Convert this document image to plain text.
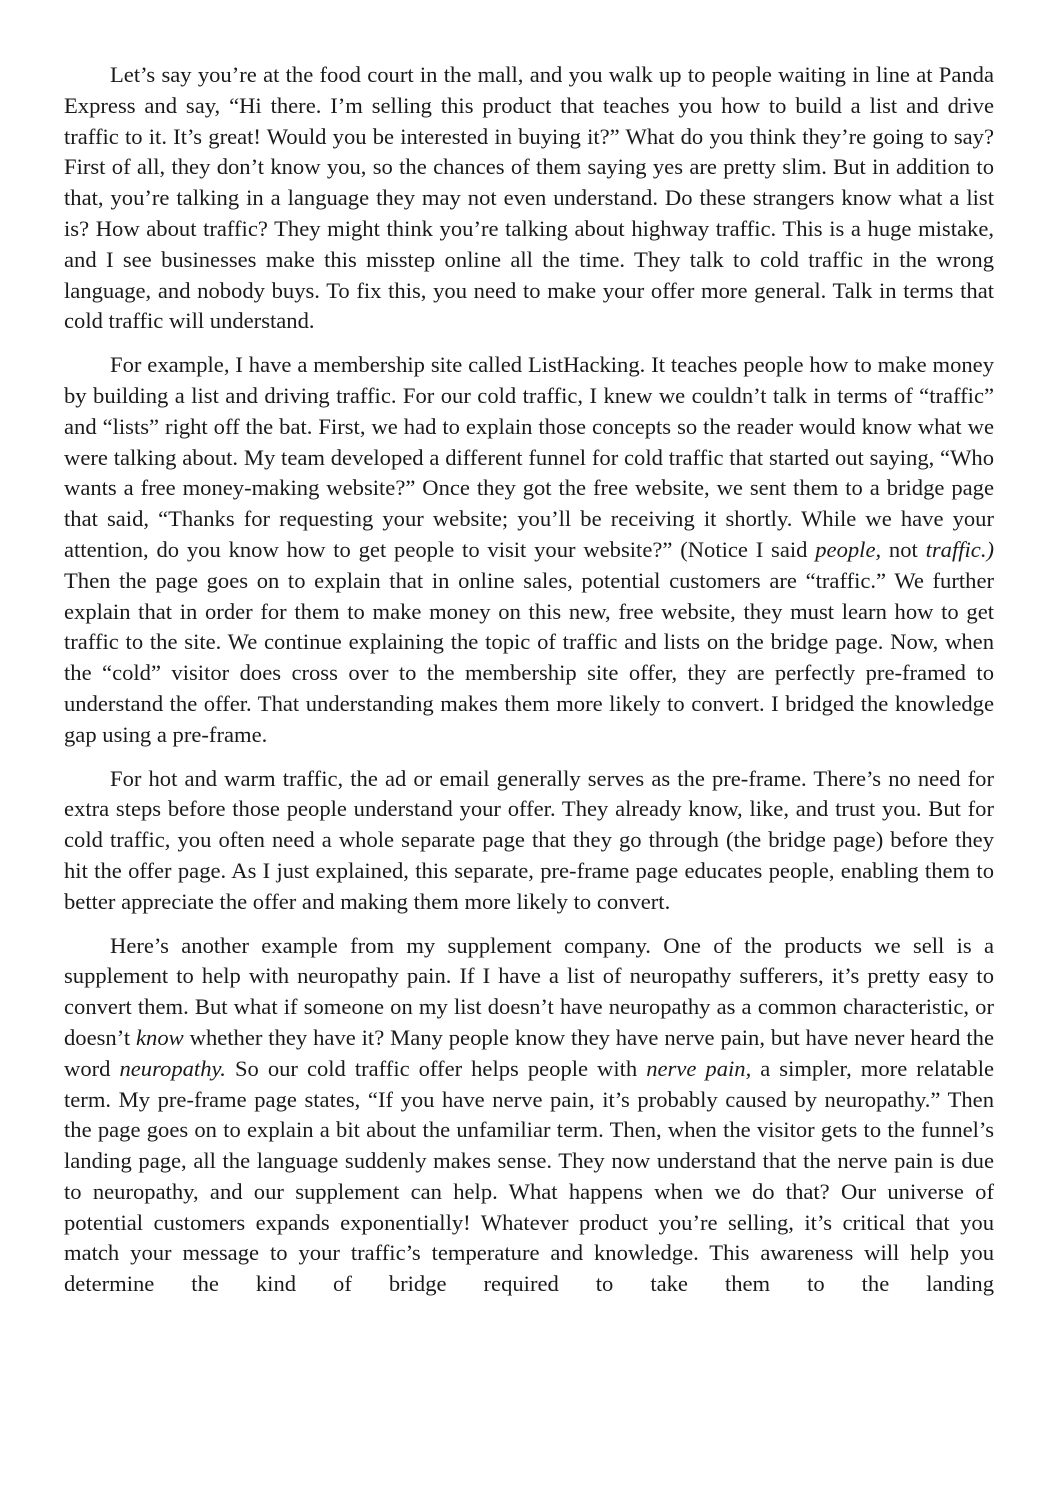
Let’s say you’re at the food court in the mall, and you walk up to people waiting in line at Panda Express and say, “Hi there. I’m selling this product that teaches you how to build a list and drive traffic to it. It’s great! Would you be interested in buying it?” What do you think they’re going to say? First of all, they don’t know you, so the chances of them saying yes are pretty slim. But in addition to that, you’re talking in a language they may not even understand. Do these strangers know what a list is? How about traffic? They might think you’re talking about highway traffic. This is a huge mistake, and I see businesses make this misstep online all the time. They talk to cold traffic in the wrong language, and nobody buys. To fix this, you need to make your offer more general. Talk in terms that cold traffic will understand.

For example, I have a membership site called ListHacking. It teaches people how to make money by building a list and driving traffic. For our cold traffic, I knew we couldn’t talk in terms of “traffic” and “lists” right off the bat. First, we had to explain those concepts so the reader would know what we were talking about. My team developed a different funnel for cold traffic that started out saying, “Who wants a free money-making website?” Once they got the free website, we sent them to a bridge page that said, “Thanks for requesting your website; you’ll be receiving it shortly. While we have your attention, do you know how to get people to visit your website?” (Notice I said people, not traffic.) Then the page goes on to explain that in online sales, potential customers are “traffic.” We further explain that in order for them to make money on this new, free website, they must learn how to get traffic to the site. We continue explaining the topic of traffic and lists on the bridge page. Now, when the “cold” visitor does cross over to the membership site offer, they are perfectly pre-framed to understand the offer. That understanding makes them more likely to convert. I bridged the knowledge gap using a pre-frame.

For hot and warm traffic, the ad or email generally serves as the pre-frame. There’s no need for extra steps before those people understand your offer. They already know, like, and trust you. But for cold traffic, you often need a whole separate page that they go through (the bridge page) before they hit the offer page. As I just explained, this separate, pre-frame page educates people, enabling them to better appreciate the offer and making them more likely to convert.

Here’s another example from my supplement company. One of the products we sell is a supplement to help with neuropathy pain. If I have a list of neuropathy sufferers, it’s pretty easy to convert them. But what if someone on my list doesn’t have neuropathy as a common characteristic, or doesn’t know whether they have it? Many people know they have nerve pain, but have never heard the word neuropathy. So our cold traffic offer helps people with nerve pain, a simpler, more relatable term. My pre-frame page states, “If you have nerve pain, it’s probably caused by neuropathy.” Then the page goes on to explain a bit about the unfamiliar term. Then, when the visitor gets to the funnel’s landing page, all the language suddenly makes sense. They now understand that the nerve pain is due to neuropathy, and our supplement can help. What happens when we do that? Our universe of potential customers expands exponentially! Whatever product you’re selling, it’s critical that you match your message to your traffic’s temperature and knowledge. This awareness will help you determine the kind of bridge required to take them to the landing
